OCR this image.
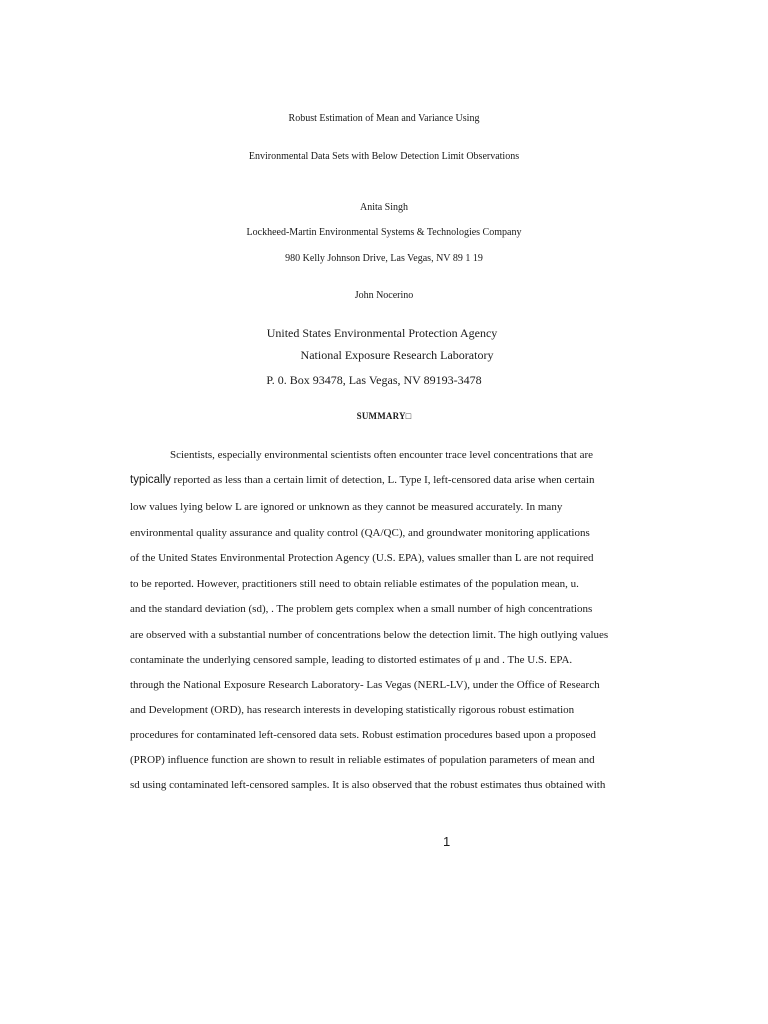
Robust Estimation of Mean and Variance Using
Environmental Data Sets with Below Detection Limit Observations
Anita Singh
Lockheed-Martin Environmental Systems & Technologies Company
980 Kelly Johnson Drive, Las Vegas, NV 89 1 19
John Nocerino
United States Environmental Protection Agency
National Exposure Research Laboratory
P. 0. Box 93478, Las Vegas, NV 89193-3478
SUMMARY□
Scientists, especially environmental scientists often encounter trace level concentrations that are
typically reported as less than a certain limit of detection, L. Type I, left-censored data arise when certain
low values lying below L are ignored or unknown as they cannot be measured accurately. In many
environmental quality assurance and quality control (QA/QC), and groundwater monitoring applications
of the United States Environmental Protection Agency (U.S. EPA), values smaller than L are not required
to be reported. However, practitioners still need to obtain reliable estimates of the population mean, u.
and the standard deviation (sd), . The problem gets complex when a small number of high concentrations
are observed with a substantial number of concentrations below the detection limit. The high outlying values
contaminate the underlying censored sample, leading to distorted estimates of μ and . The U.S. EPA.
through the National Exposure Research Laboratory- Las Vegas (NERL-LV), under the Office of Research
and Development (ORD), has research interests in developing statistically rigorous robust estimation
procedures for contaminated left-censored data sets. Robust estimation procedures based upon a proposed
(PROP) influence function are shown to result in reliable estimates of population parameters of mean and
sd using contaminated left-censored samples. It is also observed that the robust estimates thus obtained with
1
